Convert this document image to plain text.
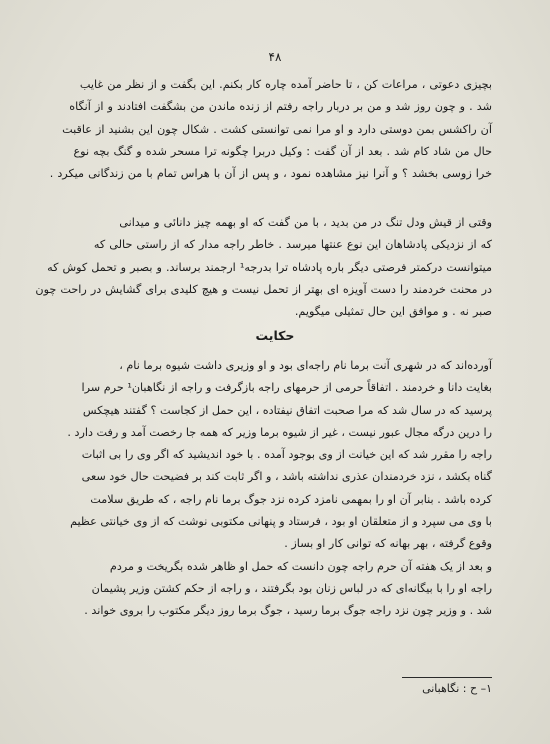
۴۸
بچیزی دعوتی ، مراعات کن ، تا حاضر آمده چاره کار بکنم. این بگفت و از نظر من غایب
شد . و چون روز شد و من بر دربار راجه رفتم از زنده ماندن من بشگفت افتادند و از آنگاه
آن راکشس بمن دوستی دارد و او مرا نمی توانستی کشت . شکال چون این بشنید از عاقبت
حال من شاد کام شد . بعد از آن گفت : وکیل دربرا چگونه ترا مسحر شده و گنگ بچه نوع
خرا زوسی بخشد ؟ و آنرا نیز مشاهده نمود ، و پس از آن با هراس تمام با من زندگانی میکرد .
وقتی از قیش ودل تنگ در من بدید ، با من گفت که او بهمه چیز دانائی و میدانی
که از نزدیکی پادشاهان این نوع عنتها میرسد . خاطر راجه مدار که از راستی حالی که
میتوانست درکمتر فرصتی دیگر باره پادشاه ترا بدرجه¹ ارجمند برساند. و بصبر و تحمل کوش که
در محنت خردمند را دست آویزه ای بهتر از تحمل نیست و هیچ کلیدی برای گشایش در راحت چون
صبر نه . و موافق این حال تمثیلی میگویم.
حکایت
آورده‌اند که در شهری آنت برما نام راجه‌ای بود و او وزیری داشت شیوه برما نام ،
بغایت دانا و خردمند . اتفاقاً حرمی از حرمهای راجه بازگرفت و راجه از نگاهبان¹ حرم سرا
پرسید که در سال شد که مرا صحبت اتفاق نیفتاده ، این حمل از کجاست ؟ گفتند هیچکس
را درین درگه مجال عبور نیست ، غیر از شیوه برما وزیر که همه جا رخصت آمد و رفت دارد .
راجه را مقرر شد که این خیانت از وی بوجود آمده . با خود اندیشید که اگر وی را بی اثبات
گناه بکشد ، نزد خردمندان عذری نداشته باشد ، و اگر ثابت کند بر فضیحت حال خود سعی
کرده باشد . بنابر آن او را بمهمی نامزد کرده نزد جوگ برما نام راجه ، که طریق سلامت
با وی می سپرد و از متعلقان او بود ، فرستاد و پنهانی مکتوبی نوشت که از وی خیانتی عظیم
وقوع گرفته ، بهر بهانه که توانی کار او بساز .
و بعد از یک هفته آن حرم راجه چون دانست که حمل او ظاهر شده بگریخت و مردم
راجه او را با بیگانه‌ای که در لباس زنان بود بگرفتند ، و راجه از حکم کشتن وزیر پشیمان
شد . و وزیر چون نزد راجه جوگ برما رسید ، جوگ برما روز دیگر مکتوب را بروی خواند .
۱– ح : نگاهبانی
